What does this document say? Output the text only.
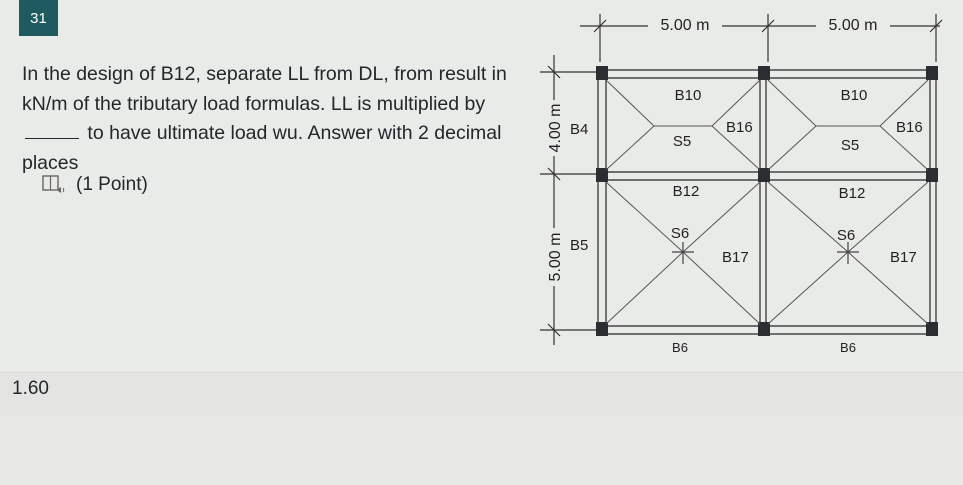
31
In the design of B12, separate LL from DL, from result in kN/m of the tributary load formulas. LL is multiplied by  to have ultimate load wu. Answer with 2 decimal places
(1 Point)
5.00 m	5.00 m
4.00 m
5.00 m
B10	B10
B4	B16	B16
S5	S5
B12	B12
S6	S6
B5
B17	B17
B6	B6
1.60
